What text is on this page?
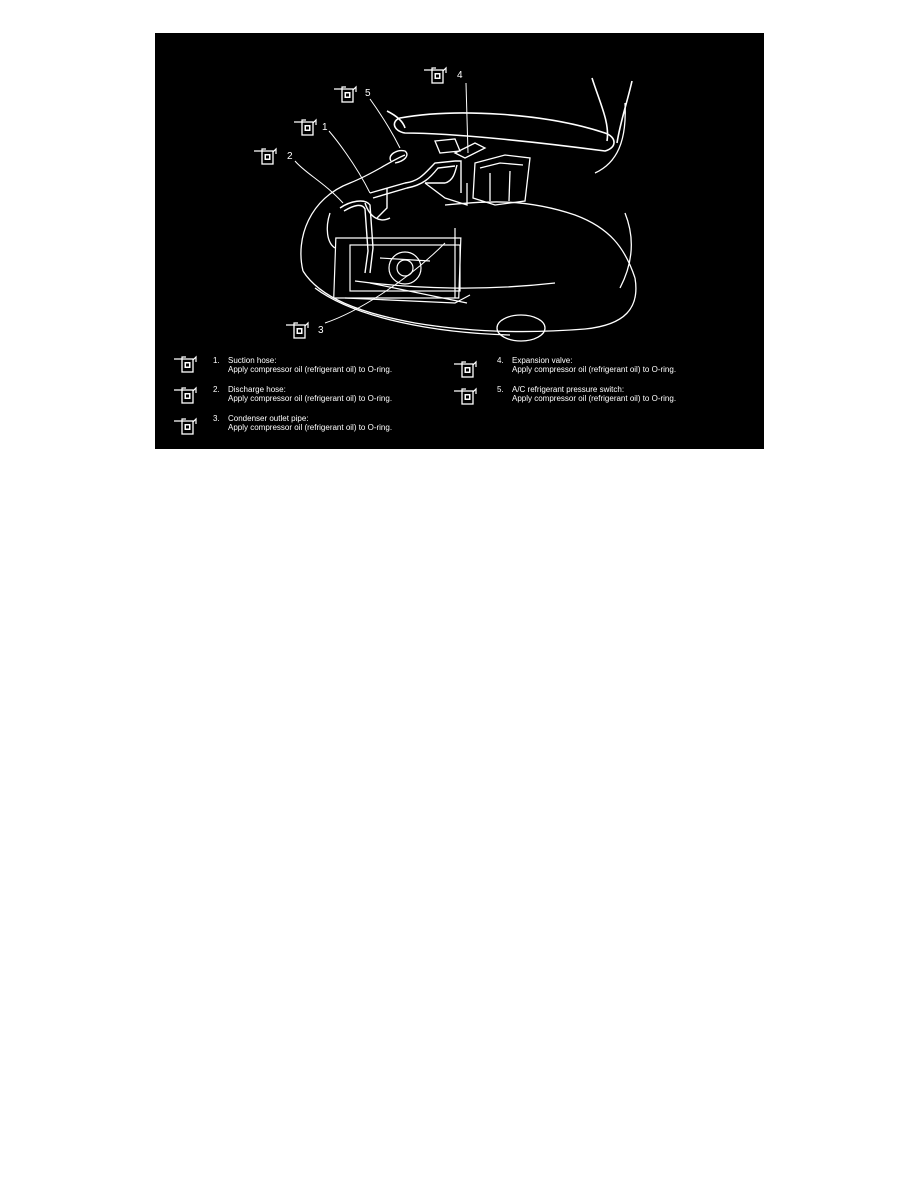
1
2
3
4
5
1. Suction hose:
Apply compressor oil (refrigerant oil) to O-ring.
2. Discharge hose:
Apply compressor oil (refrigerant oil) to O-ring.
3. Condenser outlet pipe:
Apply compressor oil (refrigerant oil) to O-ring.
4. Expansion valve:
Apply compressor oil (refrigerant oil) to O-ring.
5. A/C refrigerant pressure switch:
Apply compressor oil (refrigerant oil) to O-ring.
